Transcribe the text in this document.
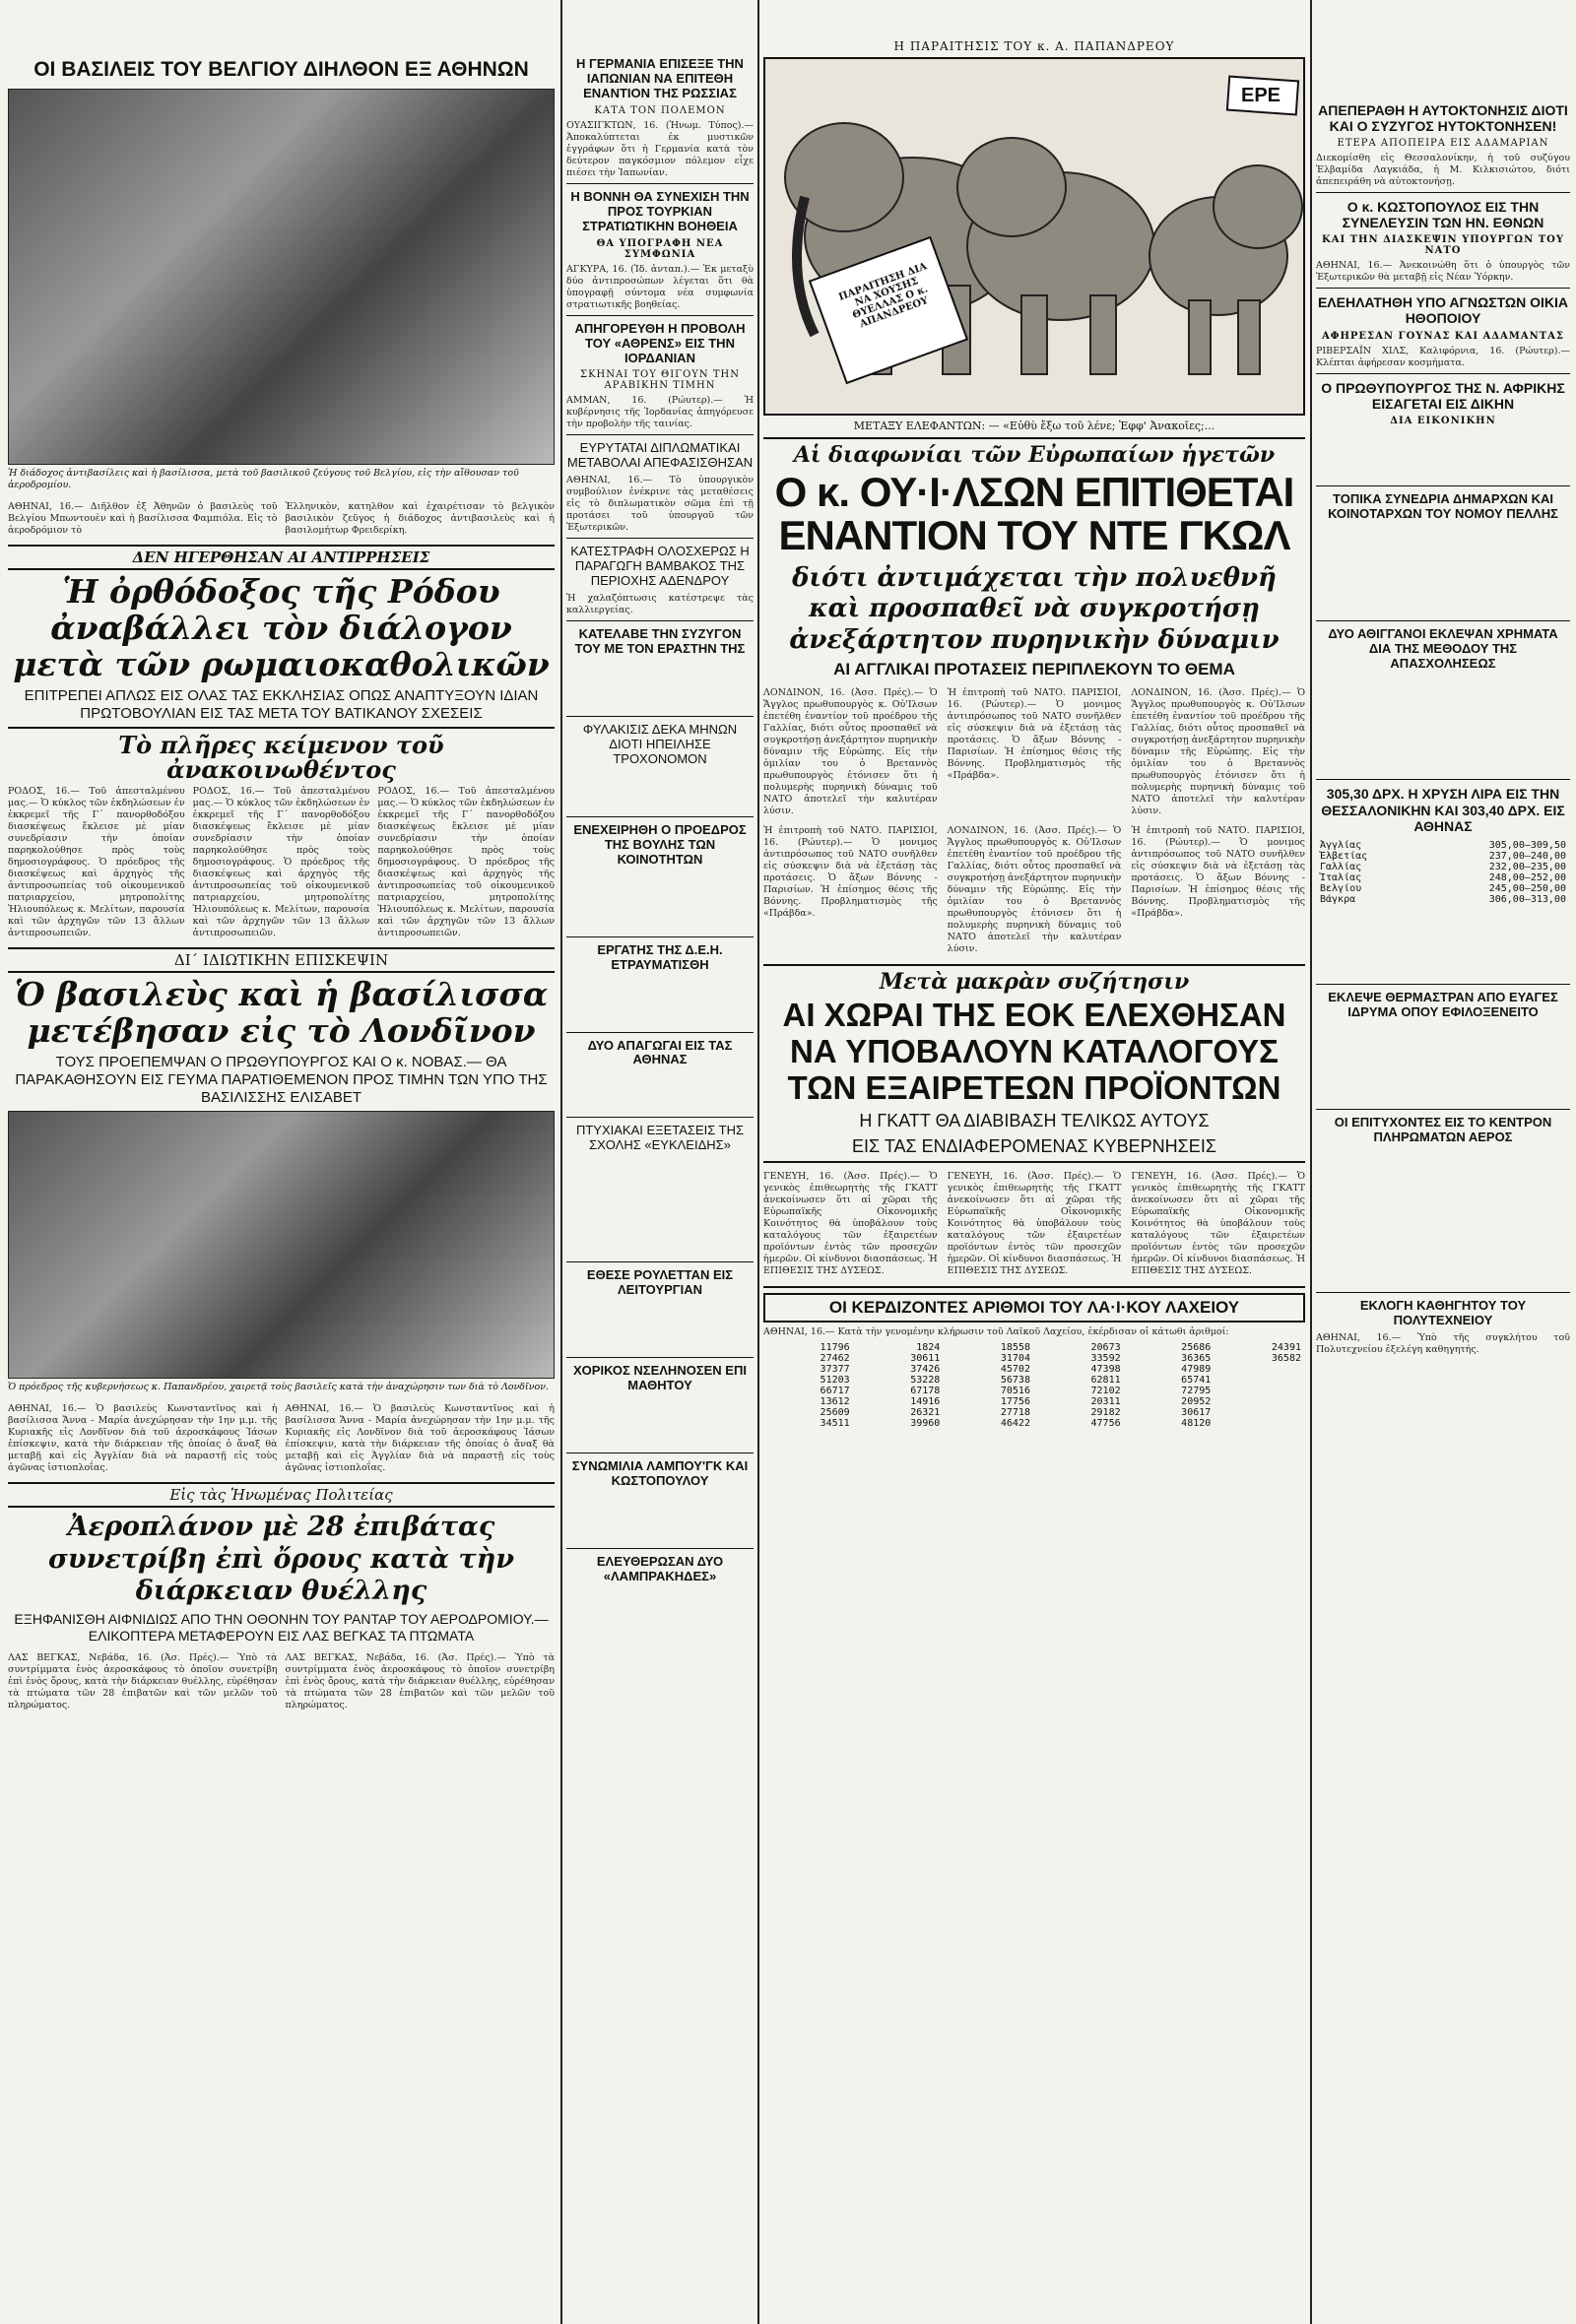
ΟΙ ΒΑΣΙΛΕΙΣ ΤΟΥ ΒΕΛΓΙΟΥ ΔΙΗΛΘΟΝ ΕΞ ΑΘΗΝΩΝ
Ἡ διάδοχος ἀντιβασίλεις καὶ ἡ βασίλισσα, μετὰ τοῦ βασιλικοῦ ζεύγους τοῦ Βελγίου, εἰς τὴν αἴθουσαν τοῦ ἀεροδρομίου.
ΑΘΗΝΑΙ, 16.— Διῆλθον ἐξ Ἀθηνῶν ὁ βασιλεὺς τοῦ Βελγίου Μπωντουὲν καὶ ἡ βασίλισσα Φαμπιόλα. Εἰς τὸ ἀεροδρόμιον τὸ
Ἑλληνικὸν, κατηλθον καὶ ἐχαιρέτισαν τὸ βελγικὸν βασιλικὸν ζεῦγος ἡ διάδοχος ἀντιβασιλεὺς καὶ ἡ βασιλομήτωρ Φρειδερίκη.
ΔΕΝ ΗΓΕΡΘΗΣΑΝ ΑΙ ΑΝΤΙΡΡΗΣΕΙΣ
Ἡ ὀρθόδοξος τῆς Ρόδου ἀναβάλλει τὸν διάλογον μετὰ τῶν ρωμαιοκαθολικῶν
ΕΠΙΤΡΕΠΕΙ ΑΠΛΩΣ ΕΙΣ ΟΛΑΣ ΤΑΣ ΕΚΚΛΗΣΙΑΣ ΟΠΩΣ ΑΝΑΠΤΥΞΟΥΝ ΙΔΙΑΝ ΠΡΩΤΟΒΟΥΛΙΑΝ ΕΙΣ ΤΑΣ ΜΕΤΑ ΤΟΥ ΒΑΤΙΚΑΝΟΥ ΣΧΕΣΕΙΣ
Τὸ πλῆρες κείμενον τοῦ ἀνακοινωθέντος
ΡΟΔΟΣ, 16.— Τοῦ ἀπεσταλμένου μας.— Ὁ κύκλος τῶν ἐκδηλώσεων ἐν ἐκκρεμεῖ τῆς Γ΄ πανορθοδόξου διασκέψεως ἔκλεισε μὲ μίαν συνεδρίασιν τὴν ὁποίαν παρηκολούθησε πρὸς τοὺς δημοσιογράφους. Ὁ πρόεδρος τῆς διασκέψεως καὶ ἀρχηγὸς τῆς ἀντιπροσωπείας τοῦ οἰκουμενικοῦ πατριαρχείου, μητροπολίτης Ἡλιουπόλεως κ. Μελίτων, παρουσία καὶ τῶν ἀρχηγῶν τῶν 13 ἄλλων ἀντιπροσωπειῶν.
ΡΟΔΟΣ, 16.— Τοῦ ἀπεσταλμένου μας.— Ὁ κύκλος τῶν ἐκδηλώσεων ἐν ἐκκρεμεῖ τῆς Γ΄ πανορθοδόξου διασκέψεως ἔκλεισε μὲ μίαν συνεδρίασιν τὴν ὁποίαν παρηκολούθησε πρὸς τοὺς δημοσιογράφους. Ὁ πρόεδρος τῆς διασκέψεως καὶ ἀρχηγὸς τῆς ἀντιπροσωπείας τοῦ οἰκουμενικοῦ πατριαρχείου, μητροπολίτης Ἡλιουπόλεως κ. Μελίτων, παρουσία καὶ τῶν ἀρχηγῶν τῶν 13 ἄλλων ἀντιπροσωπειῶν.
ΡΟΔΟΣ, 16.— Τοῦ ἀπεσταλμένου μας.— Ὁ κύκλος τῶν ἐκδηλώσεων ἐν ἐκκρεμεῖ τῆς Γ΄ πανορθοδόξου διασκέψεως ἔκλεισε μὲ μίαν συνεδρίασιν τὴν ὁποίαν παρηκολούθησε πρὸς τοὺς δημοσιογράφους. Ὁ πρόεδρος τῆς διασκέψεως καὶ ἀρχηγὸς τῆς ἀντιπροσωπείας τοῦ οἰκουμενικοῦ πατριαρχείου, μητροπολίτης Ἡλιουπόλεως κ. Μελίτων, παρουσία καὶ τῶν ἀρχηγῶν τῶν 13 ἄλλων ἀντιπροσωπειῶν.
ΔΙ΄ ΙΔΙΩΤΙΚΗΝ ΕΠΙΣΚΕΨΙΝ
Ὁ βασιλεὺς καὶ ἡ βασίλισσα μετέβησαν εἰς τὸ Λονδῖνον
ΤΟΥΣ ΠΡΟΕΠΕΜΨΑΝ Ο ΠΡΩΘΥΠΟΥΡΓΟΣ ΚΑΙ Ο κ. ΝΟΒΑΣ.— ΘΑ ΠΑΡΑΚΑΘΗΣΟΥΝ ΕΙΣ ΓΕΥΜΑ ΠΑΡΑΤΙΘΕΜΕΝΟΝ ΠΡΟΣ ΤΙΜΗΝ ΤΩΝ ΥΠΟ ΤΗΣ ΒΑΣΙΛΙΣΣΗΣ ΕΛΙΣΑΒΕΤ
Ὁ πρόεδρος τῆς κυβερνήσεως κ. Παπανδρέου, χαιρετᾷ τοὺς βασιλεῖς κατὰ τὴν ἀναχώρησιν των διὰ τὸ Λονδῖνον.
ΑΘΗΝΑΙ, 16.— Ὁ βασιλεὺς Κωνσταντῖνος καὶ ἡ βασίλισσα Ἄννα - Μαρία ἀνεχώρησαν τὴν 1ην μ.μ. τῆς Κυριακῆς εἰς Λονδῖνον διὰ τοῦ ἀεροσκάφους Ἰάσων ἐπίσκεψιν, κατὰ τὴν διάρκειαν τῆς ὁποίας ὁ ἄναξ θὰ μεταβῇ καὶ εἰς Ἀγγλίαν διὰ νὰ παραστῇ εἰς τοὺς ἀγῶνας ἱστιοπλοΐας.
ΑΘΗΝΑΙ, 16.— Ὁ βασιλεὺς Κωνσταντῖνος καὶ ἡ βασίλισσα Ἄννα - Μαρία ἀνεχώρησαν τὴν 1ην μ.μ. τῆς Κυριακῆς εἰς Λονδῖνον διὰ τοῦ ἀεροσκάφους Ἰάσων ἐπίσκεψιν, κατὰ τὴν διάρκειαν τῆς ὁποίας ὁ ἄναξ θὰ μεταβῇ καὶ εἰς Ἀγγλίαν διὰ νὰ παραστῇ εἰς τοὺς ἀγῶνας ἱστιοπλοΐας.
Εἰς τὰς Ἡνωμένας Πολιτείας
Ἀεροπλάνον μὲ 28 ἐπιβάτας συνετρίβη ἐπὶ ὄρους κατὰ τὴν διάρκειαν θυέλλης
ΕΞΗΦΑΝΙΣΘΗ ΑΙΦΝΙΔΙΩΣ ΑΠΟ ΤΗΝ ΟΘΟΝΗΝ ΤΟΥ ΡΑΝΤΑΡ ΤΟΥ ΑΕΡΟΔΡΟΜΙΟΥ.— ΕΛΙΚΟΠΤΕΡΑ ΜΕΤΑΦΕΡΟΥΝ ΕΙΣ ΛΑΣ ΒΕΓΚΑΣ ΤΑ ΠΤΩΜΑΤΑ
ΛΑΣ ΒΕΓΚΑΣ, Νεβάδα, 16. (Ἀσ. Πρές).— Ὑπὸ τὰ συντρίμματα ἑνὸς ἀεροσκάφους τὸ ὁποῖον συνετρίβη ἐπὶ ἑνὸς ὄρους, κατὰ τὴν διάρκειαν θυέλλης, εὑρέθησαν τὰ πτώματα τῶν 28 ἐπιβατῶν καὶ τῶν μελῶν τοῦ πληρώματος.
ΛΑΣ ΒΕΓΚΑΣ, Νεβάδα, 16. (Ἀσ. Πρές).— Ὑπὸ τὰ συντρίμματα ἑνὸς ἀεροσκάφους τὸ ὁποῖον συνετρίβη ἐπὶ ἑνὸς ὄρους, κατὰ τὴν διάρκειαν θυέλλης, εὑρέθησαν τὰ πτώματα τῶν 28 ἐπιβατῶν καὶ τῶν μελῶν τοῦ πληρώματος.
Η ΓΕΡΜΑΝΙΑ ΕΠΙΣΕΞΕ ΤΗΝ ΙΑΠΩΝΙΑΝ ΝΑ ΕΠΙΤΕΘΗ ΕΝΑΝΤΙΟΝ ΤΗΣ ΡΩΣΣΙΑΣ
ΚΑΤΑ ΤΟΝ ΠΟΛΕΜΟΝ
ΟΥΑΣΙΓΚΤΩΝ, 16. (Ἡνωμ. Τύπος).— Ἀποκαλύπτεται ἐκ μυστικῶν ἐγγράφων ὅτι ἡ Γερμανία κατὰ τὸν δεύτερον παγκόσμιον πόλεμον εἶχε πιέσει τὴν Ἰαπωνίαν.
Η ΒΟΝΝΗ ΘΑ ΣΥΝΕΧΙΣΗ ΤΗΝ ΠΡΟΣ ΤΟΥΡΚΙΑΝ ΣΤΡΑΤΙΩΤΙΚΗΝ ΒΟΗΘΕΙΑ
ΘΑ ΥΠΟΓΡΑΦΗ ΝΕΑ ΣΥΜΦΩΝΙΑ
ΑΓΚΥΡΑ, 16. (Ἰδ. ἀνταπ.).— Ἐκ μεταξὺ δύο ἀντιπροσώπων λέγεται ὅτι θὰ ὑπογραφῇ σύντομα νέα συμφωνία στρατιωτικῆς βοηθείας.
ΑΠΗΓΟΡΕΥΘΗ Η ΠΡΟΒΟΛΗ ΤΟΥ «ΑΘΡΕΝΣ» ΕΙΣ ΤΗΝ ΙΟΡΔΑΝΙΑΝ
ΣΚΗΝΑΙ ΤΟΥ ΘΙΓΟΥΝ ΤΗΝ ΑΡΑΒΙΚΗΝ ΤΙΜΗΝ
ΑΜΜΑΝ, 16. (Ρώυτερ).— Ἡ κυβέρνησις τῆς Ἰορδανίας ἀπηγόρευσε τὴν προβολὴν τῆς ταινίας.
ΕΥΡΥΤΑΤΑΙ ΔΙΠΛΩΜΑΤΙΚΑΙ ΜΕΤΑΒΟΛΑΙ ΑΠΕΦΑΣΙΣΘΗΣΑΝ
ΑΘΗΝΑΙ, 16.— Τὸ ὑπουργικὸν συμβούλιον ἐνέκρινε τὰς μεταθέσεις εἰς τὸ διπλωματικὸν σῶμα ἐπὶ τῇ προτάσει τοῦ ὑπουργοῦ τῶν Ἐξωτερικῶν.
ΚΑΤΕΣΤΡΑΦΗ ΟΛΟΣΧΕΡΩΣ Η ΠΑΡΑΓΩΓΗ ΒΑΜΒΑΚΟΣ ΤΗΣ ΠΕΡΙΟΧΗΣ ΑΔΕΝΔΡΟΥ
Ἡ χαλαζόπτωσις κατέστρεψε τὰς καλλιεργείας.
ΚΑΤΕΛΑΒΕ ΤΗΝ ΣΥΖΥΓΟΝ ΤΟΥ ΜΕ ΤΟΝ ΕΡΑΣΤΗΝ ΤΗΣ
ΦΥΛΑΚΙΣΙΣ ΔΕΚΑ ΜΗΝΩΝ ΔΙΟΤΙ ΗΠΕΙΛΗΣΕ ΤΡΟΧΟΝΟΜΟΝ
ΕΝΕΧΕΙΡΗΘΗ Ο ΠΡΟΕΔΡΟΣ ΤΗΣ ΒΟΥΛΗΣ ΤΩΝ ΚΟΙΝΟΤΗΤΩΝ
ΕΡΓΑΤΗΣ ΤΗΣ Δ.Ε.Η. ΕΤΡΑΥΜΑΤΙΣΘΗ
ΔΥΟ ΑΠΑΓΩΓΑΙ ΕΙΣ ΤΑΣ ΑΘΗΝΑΣ
ΠΤΥΧΙΑΚΑΙ ΕΞΕΤΑΣΕΙΣ ΤΗΣ ΣΧΟΛΗΣ «ΕΥΚΛΕΙΔΗΣ»
ΕΘΕΣΕ ΡΟΥΛΕΤΤΑΝ ΕΙΣ ΛΕΙΤΟΥΡΓΙΑΝ
ΧΟΡΙΚΟΣ ΝΣΕΛΗΝΟΣΕΝ ΕΠΙ ΜΑΘΗΤΟΥ
ΣΥΝΩΜΙΛΙΑ ΛΑΜΠΟΥ'ΓΚ ΚΑΙ ΚΩΣΤΟΠΟΥΛΟΥ
ΕΛΕΥΘΕΡΩΣΑΝ ΔΥΟ «ΛΑΜΠΡΑΚΗΔΕΣ»
Η ΠΑΡΑΙΤΗΣΙΣ ΤΟΥ κ. Α. ΠΑΠΑΝΔΡΕΟΥ
ΕΡΕ
ΠΑΡΑΙΤΗΣΗ ΔΙΑ ΝΑ ΧΟΥΣΗΣ ΘΥΕΛΛΑΣ Ο κ. ΑΠΑΝΔΡΕΟΥ
ΜΕΤΑΞΥ ΕΛΕΦΑΝΤΩΝ: — «Εὐθὺ ἔξω τοῦ λένε; Ἐφφ' Ἀνακοῖες;...
Αἱ διαφωνίαι τῶν Εὐρωπαίων ἡγετῶν
Ο κ. ΟΥ·Ι·ΛΣΩΝ ΕΠΙΤΙΘΕΤΑΙ ΕΝΑΝΤΙΟΝ ΤΟΥ ΝΤΕ ΓΚΩΛ
διότι ἀντιμάχεται τὴν πολυεθνῆ καὶ προσπαθεῖ νὰ συγκροτήσῃ ἀνεξάρτητον πυρηνικὴν δύναμιν
ΑΙ ΑΓΓΛΙΚΑΙ ΠΡΟΤΑΣΕΙΣ ΠΕΡΙΠΛΕΚΟΥΝ ΤΟ ΘΕΜΑ
ΛΟΝΔΙΝΟΝ, 16. (Ἀσσ. Πρές).— Ὁ Ἄγγλος πρωθυπουργὸς κ. Οὐ'Ιλσων ἐπετέθη ἐναντίον τοῦ προέδρου τῆς Γαλλίας, διότι οὗτος προσπαθεῖ νὰ συγκροτήσῃ ἀνεξάρτητον πυρηνικὴν δύναμιν τῆς Εὐρώπης. Εἰς τὴν ὁμιλίαν του ὁ Βρεταννὸς πρωθυπουργὸς ἐτόνισεν ὅτι ἡ πολυμερὴς πυρηνικὴ δύναμις τοῦ ΝΑΤΟ ἀποτελεῖ τὴν καλυτέραν λύσιν.
Ἡ ἐπιτροπὴ τοῦ ΝΑΤΟ. ΠΑΡΙΣΙΟΙ, 16. (Ρώυτερ).— Ὁ μονιμος ἀντιπρόσωπος τοῦ ΝΑΤΟ συνῆλθεν εἰς σύσκεψιν διὰ νὰ ἐξετάσῃ τὰς προτάσεις. Ὁ ἄξων Βόννης - Παρισίων. Ἡ ἐπίσημος θέσις τῆς Βόννης. Προβληματισμὸς τῆς «Πράβδα».
ΛΟΝΔΙΝΟΝ, 16. (Ἀσσ. Πρές).— Ὁ Ἄγγλος πρωθυπουργὸς κ. Οὐ'Ιλσων ἐπετέθη ἐναντίον τοῦ προέδρου τῆς Γαλλίας, διότι οὗτος προσπαθεῖ νὰ συγκροτήσῃ ἀνεξάρτητον πυρηνικὴν δύναμιν τῆς Εὐρώπης. Εἰς τὴν ὁμιλίαν του ὁ Βρεταννὸς πρωθυπουργὸς ἐτόνισεν ὅτι ἡ πολυμερὴς πυρηνικὴ δύναμις τοῦ ΝΑΤΟ ἀποτελεῖ τὴν καλυτέραν λύσιν.
Ἡ ἐπιτροπὴ τοῦ ΝΑΤΟ. ΠΑΡΙΣΙΟΙ, 16. (Ρώυτερ).— Ὁ μονιμος ἀντιπρόσωπος τοῦ ΝΑΤΟ συνῆλθεν εἰς σύσκεψιν διὰ νὰ ἐξετάσῃ τὰς προτάσεις. Ὁ ἄξων Βόννης - Παρισίων. Ἡ ἐπίσημος θέσις τῆς Βόννης. Προβληματισμὸς τῆς «Πράβδα».
ΛΟΝΔΙΝΟΝ, 16. (Ἀσσ. Πρές).— Ὁ Ἄγγλος πρωθυπουργὸς κ. Οὐ'Ιλσων ἐπετέθη ἐναντίον τοῦ προέδρου τῆς Γαλλίας, διότι οὗτος προσπαθεῖ νὰ συγκροτήσῃ ἀνεξάρτητον πυρηνικὴν δύναμιν τῆς Εὐρώπης. Εἰς τὴν ὁμιλίαν του ὁ Βρεταννὸς πρωθυπουργὸς ἐτόνισεν ὅτι ἡ πολυμερὴς πυρηνικὴ δύναμις τοῦ ΝΑΤΟ ἀποτελεῖ τὴν καλυτέραν λύσιν.
Ἡ ἐπιτροπὴ τοῦ ΝΑΤΟ. ΠΑΡΙΣΙΟΙ, 16. (Ρώυτερ).— Ὁ μονιμος ἀντιπρόσωπος τοῦ ΝΑΤΟ συνῆλθεν εἰς σύσκεψιν διὰ νὰ ἐξετάσῃ τὰς προτάσεις. Ὁ ἄξων Βόννης - Παρισίων. Ἡ ἐπίσημος θέσις τῆς Βόννης. Προβληματισμὸς τῆς «Πράβδα».
Μετὰ μακρὰν συζήτησιν
ΑΙ ΧΩΡΑΙ ΤΗΣ ΕΟΚ ΕΛΕΧΘΗΣΑΝ ΝΑ ΥΠΟΒΑΛΟΥΝ ΚΑΤΑΛΟΓΟΥΣ ΤΩΝ ΕΞΑΙΡΕΤΕΩΝ ΠΡΟΪΟΝΤΩΝ
Η ΓΚΑΤΤ ΘΑ ΔΙΑΒΙΒΑΣΗ ΤΕΛΙΚΩΣ ΑΥΤΟΥΣ
ΕΙΣ ΤΑΣ ΕΝΔΙΑΦΕΡΟΜΕΝΑΣ ΚΥΒΕΡΝΗΣΕΙΣ
ΓΕΝΕΥΗ, 16. (Ἀσσ. Πρές).— Ὁ γενικὸς ἐπιθεωρητὴς τῆς ΓΚΑΤΤ ἀνεκοίνωσεν ὅτι αἱ χῶραι τῆς Εὐρωπαϊκῆς Οἰκονομικῆς Κοινότητος θὰ ὑποβάλουν τοὺς καταλόγους τῶν ἐξαιρετέων προϊόντων ἐντὸς τῶν προσεχῶν ἡμερῶν. Οἱ κίνδυνοι διασπάσεως. Ἡ ΕΠΙΘΕΣΙΣ ΤΗΣ ΔΥΣΕΩΣ.
ΓΕΝΕΥΗ, 16. (Ἀσσ. Πρές).— Ὁ γενικὸς ἐπιθεωρητὴς τῆς ΓΚΑΤΤ ἀνεκοίνωσεν ὅτι αἱ χῶραι τῆς Εὐρωπαϊκῆς Οἰκονομικῆς Κοινότητος θὰ ὑποβάλουν τοὺς καταλόγους τῶν ἐξαιρετέων προϊόντων ἐντὸς τῶν προσεχῶν ἡμερῶν. Οἱ κίνδυνοι διασπάσεως. Ἡ ΕΠΙΘΕΣΙΣ ΤΗΣ ΔΥΣΕΩΣ.
ΓΕΝΕΥΗ, 16. (Ἀσσ. Πρές).— Ὁ γενικὸς ἐπιθεωρητὴς τῆς ΓΚΑΤΤ ἀνεκοίνωσεν ὅτι αἱ χῶραι τῆς Εὐρωπαϊκῆς Οἰκονομικῆς Κοινότητος θὰ ὑποβάλουν τοὺς καταλόγους τῶν ἐξαιρετέων προϊόντων ἐντὸς τῶν προσεχῶν ἡμερῶν. Οἱ κίνδυνοι διασπάσεως. Ἡ ΕΠΙΘΕΣΙΣ ΤΗΣ ΔΥΣΕΩΣ.
ΟΙ ΚΕΡΔΙΖΟΝΤΕΣ ΑΡΙΘΜΟΙ ΤΟΥ ΛΑ·Ι·ΚΟΥ ΛΑΧΕΙΟΥ
ΑΘΗΝΑΙ, 16.— Κατὰ τὴν γενομένην κλήρωσιν τοῦ Λαϊκοῦ Λαχείου, ἐκέρδισαν οἱ κάτωθι ἀριθμοί:
11796	1824	18558	20673	25686	24391
27462	30611	31704	33592	36365	36582
37377	37426	45702	47398	47989	
51203	53228	56738	62811	65741	
66717	67178	70516	72102	72795	
13612	14916	17756	20311	20952	
25609	26321	27718	29182	30617	
34511	39960	46422	47756	48120	
ΑΠΕΠΕΡΑΘΗ Η ΑΥΤΟΚΤΟΝΗΣΙΣ ΔΙΟΤΙ ΚΑΙ Ο ΣΥΖΥΓΟΣ ΗΥΤΟΚΤΟΝΗΣΕΝ!
ΕΤΕΡΑ ΑΠΟΠΕΙΡΑ ΕΙΣ ΑΔΑΜΑΡΙΑΝ
Διεκομίσθη εἰς Θεσσαλονίκην, ἡ τοῦ συζύγου Ἑλβαμίδα Λαγκιάδα, ἡ Μ. Κιλκισιώτου, διότι ἀπεπειράθη νὰ αὐτοκτονήσῃ.
Ο κ. ΚΩΣΤΟΠΟΥΛΟΣ ΕΙΣ ΤΗΝ ΣΥΝΕΛΕΥΣΙΝ ΤΩΝ ΗΝ. ΕΘΝΩΝ
ΚΑΙ ΤΗΝ ΔΙΑΣΚΕΨΙΝ ΥΠΟΥΡΓΩΝ ΤΟΥ ΝΑΤΟ
ΑΘΗΝΑΙ, 16.— Ἀνεκοινώθη ὅτι ὁ ὑπουργὸς τῶν Ἐξωτερικῶν θὰ μεταβῇ εἰς Νέαν Ὑόρκην.
ΕΛΕΗΛΑΤΗΘΗ ΥΠΟ ΑΓΝΩΣΤΩΝ ΟΙΚΙΑ ΗΘΟΠΟΙΟΥ
ΑΦΗΡΕΣΑΝ ΓΟΥΝΑΣ ΚΑΙ ΑΔΑΜΑΝΤΑΣ
ΡΙΒΕΡΣΑΪΝ ΧΙΛΣ, Καλιφόρνια, 16. (Ρώυτερ).— Κλέπται ἀφήρεσαν κοσμήματα.
Ο ΠΡΩΘΥΠΟΥΡΓΟΣ ΤΗΣ Ν. ΑΦΡΙΚΗΣ ΕΙΣΑΓΕΤΑΙ ΕΙΣ ΔΙΚΗΝ
ΔΙΑ ΕΙΚΟΝΙΚΗΝ
ΤΟΠΙΚΑ ΣΥΝΕΔΡΙΑ ΔΗΜΑΡΧΩΝ ΚΑΙ ΚΟΙΝΟΤΑΡΧΩΝ ΤΟΥ ΝΟΜΟΥ ΠΕΛΛΗΣ
ΔΥΟ ΑΘΙΓΓΑΝΟΙ ΕΚΛΕΨΑΝ ΧΡΗΜΑΤΑ ΔΙΑ ΤΗΣ ΜΕΘΟΔΟΥ ΤΗΣ ΑΠΑΣΧΟΛΗΣΕΩΣ
305,30 ΔΡΧ. Η ΧΡΥΣΗ ΛΙΡΑ ΕΙΣ ΤΗΝ ΘΕΣΣΑΛΟΝΙΚΗΝ ΚΑΙ 303,40 ΔΡΧ. ΕΙΣ ΑΘΗΝΑΣ
Ἀγγλίας	305,00—309,50
Ἐλβετίας	237,00—240,00
Γαλλίας	232,00—235,00
Ἰταλίας	248,00—252,00
Βελγίου	245,00—250,00
Βάγκρα	306,00—313,00
ΕΚΛΕΨΕ ΘΕΡΜΑΣΤΡΑΝ ΑΠΟ ΕΥΑΓΕΣ ΙΔΡΥΜΑ ΟΠΟΥ ΕΦΙΛΟΞΕΝΕΙΤΟ
ΟΙ ΕΠΙΤΥΧΟΝΤΕΣ ΕΙΣ ΤΟ ΚΕΝΤΡΟΝ ΠΛΗΡΩΜΑΤΩΝ ΑΕΡΟΣ
ΕΚΛΟΓΗ ΚΑΘΗΓΗΤΟΥ ΤΟΥ ΠΟΛΥΤΕΧΝΕΙΟΥ
ΑΘΗΝΑΙ, 16.— Ὑπὸ τῆς συγκλήτου τοῦ Πολυτεχνείου ἐξελέγη καθηγητής.
